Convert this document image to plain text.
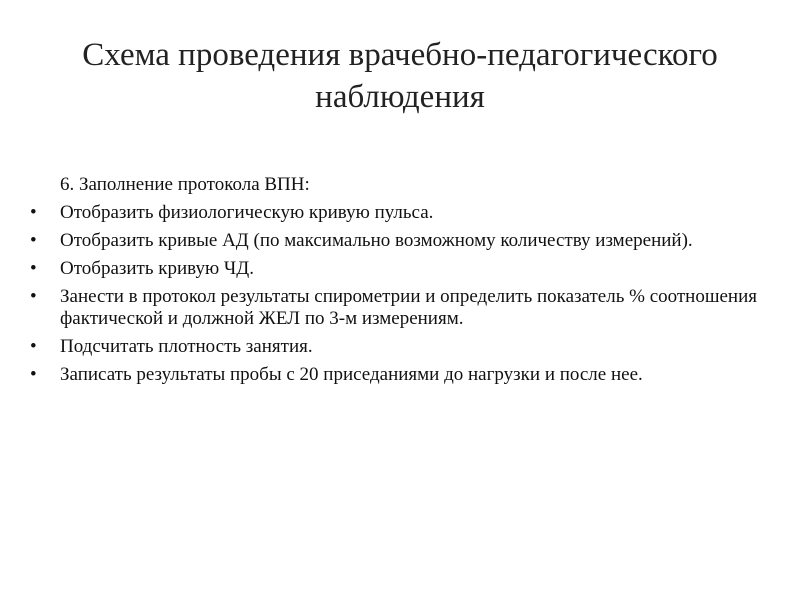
Схема проведения врачебно-педагогического наблюдения
6. Заполнение протокола ВПН:
•	Отобразить физиологическую кривую пульса.
•	Отобразить кривые АД (по максимально возможному количеству измерений).
•	Отобразить кривую ЧД.
•	Занести в протокол результаты спирометрии и определить показатель % соотношения фактической и должной ЖЕЛ по 3-м измерениям.
•	Подсчитать плотность занятия.
•	Записать результаты пробы с 20 приседаниями до нагрузки и после нее.
